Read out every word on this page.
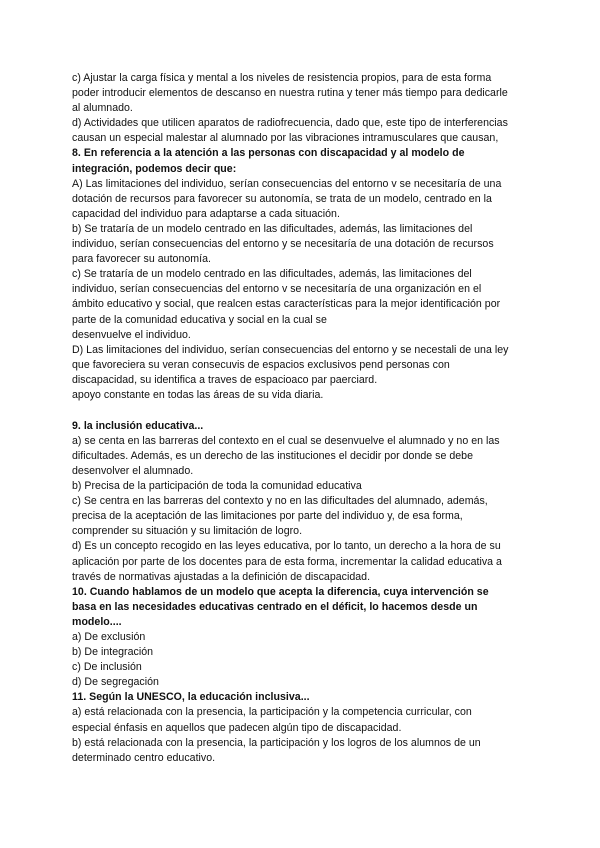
c) Ajustar la carga física y mental a los niveles de resistencia propios, para de esta forma
poder introducir elementos de descanso en nuestra rutina y tener más tiempo para dedicarle
al alumnado.
d) Actividades que utilicen aparatos de radiofrecuencia, dado que, este tipo de interferencias
causan un especial malestar al alumnado por las vibraciones intramusculares que causan,
8. En referencia a la atención a las personas con discapacidad y al modelo de
integración, podemos decir que:
A) Las limitaciones del individuo, serían consecuencias del entorno v se necesitaría de una
dotación de recursos para favorecer su autonomía, se trata de un modelo, centrado en la
capacidad del individuo para adaptarse a cada situación.
b) Se trataría de un modelo centrado en las dificultades, además, las limitaciones del
individuo, serían consecuencias del entorno y se necesitaría de una dotación de recursos
para favorecer su autonomía.
c) Se trataría de un modelo centrado en las dificultades, además, las limitaciones del
individuo, serían consecuencias del entorno v se necesitaría de una organización en el
ámbito educativo y social, que realcen estas características para la mejor identificación por
parte de la comunidad educativa y social en la cual se
desenvuelve el individuo.
D) Las limitaciones del individuo, serían consecuencias del entorno y se necestali de una ley
que favoreciera su veran consecuvis de espacios exclusivos pend personas con
discapacidad, su identifica a traves de espacioaco par paerciard.
apoyo constante en todas las áreas de su vida diaria.
9. la inclusión educativa...
a) se centa en las barreras del contexto en el cual se desenvuelve el alumnado y no en las
dificultades. Además, es un derecho de las instituciones el decidir por donde se debe
desenvolver el alumnado.
b) Precisa de la participación de toda la comunidad educativa
c) Se centra en las barreras del contexto y no en las dificultades del alumnado, además,
precisa de la aceptación de las limitaciones por parte del individuo y, de esa forma,
comprender su situación y su limitación de logro.
d) Es un concepto recogido en las leyes educativa, por lo tanto, un derecho a la hora de su
aplicación por parte de los docentes para de esta forma, incrementar la calidad educativa a
través de normativas ajustadas a la definición de discapacidad.
10. Cuando hablamos de un modelo que acepta la diferencia, cuya intervención se
basa en las necesidades educativas centrado en el déficit, lo hacemos desde un
modelo....
a) De exclusión
b) De integración
c) De inclusión
d) De segregación
11. Según la UNESCO, la educación inclusiva...
a) está relacionada con la presencia, la participación y la competencia curricular, con
especial énfasis en aquellos que padecen algún tipo de discapacidad.
b) está relacionada con la presencia, la participación y los logros de los alumnos de un
determinado centro educativo.
